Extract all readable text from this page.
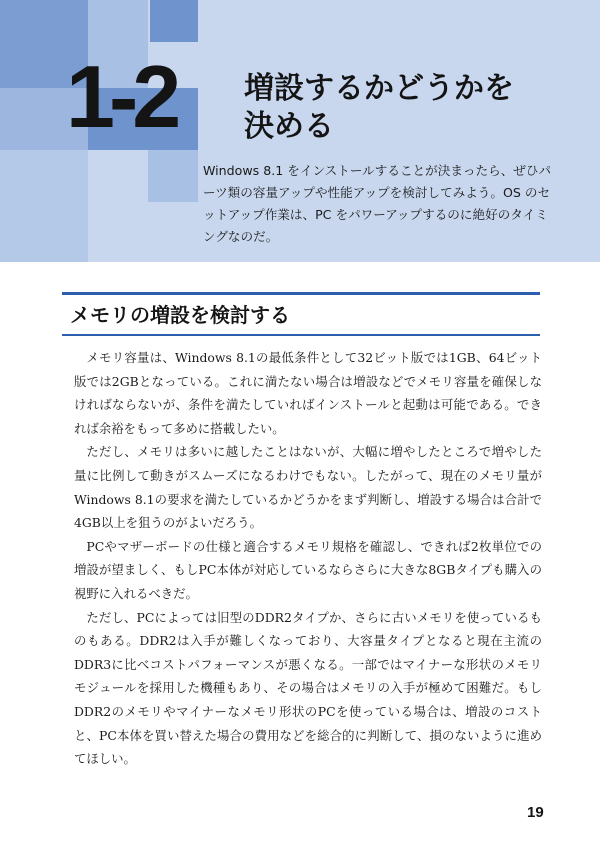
1-2 増設するかどうかを
決める

Windows 8.1 をインストールすることが決まったら、ぜひパーツ類の容量アップや性能アップを検討してみよう。OS のセットアップ作業は、PC をパワーアップするのに絶好のタイミングなのだ。

メモリの増設を検討する

メモリ容量は、Windows 8.1の最低条件として32ビット版では1GB、64ビット版では2GBとなっている。これに満たない場合は増設などでメモリ容量を確保しなければならないが、条件を満たしていればインストールと起動は可能である。できれば余裕をもって多めに搭載したい。

ただし、メモリは多いに越したことはないが、大幅に増やしたところで増やした量に比例して動きがスムーズになるわけでもない。したがって、現在のメモリ量がWindows 8.1の要求を満たしているかどうかをまず判断し、増設する場合は合計で4GB以上を狙うのがよいだろう。

PCやマザーボードの仕様と適合するメモリ規格を確認し、できれば2枚単位での増設が望ましく、もしPC本体が対応しているならさらに大きな8GBタイプも購入の視野に入れるべきだ。

ただし、PCによっては旧型のDDR2タイプか、さらに古いメモリを使っているものもある。DDR2は入手が難しくなっており、大容量タイプとなると現在主流のDDR3に比べコストパフォーマンスが悪くなる。一部ではマイナーな形状のメモリモジュールを採用した機種もあり、その場合はメモリの入手が極めて困難だ。もしDDR2のメモリやマイナーなメモリ形状のPCを使っている場合は、増設のコストと、PC本体を買い替えた場合の費用などを総合的に判断して、損のないように進めてほしい。

19
